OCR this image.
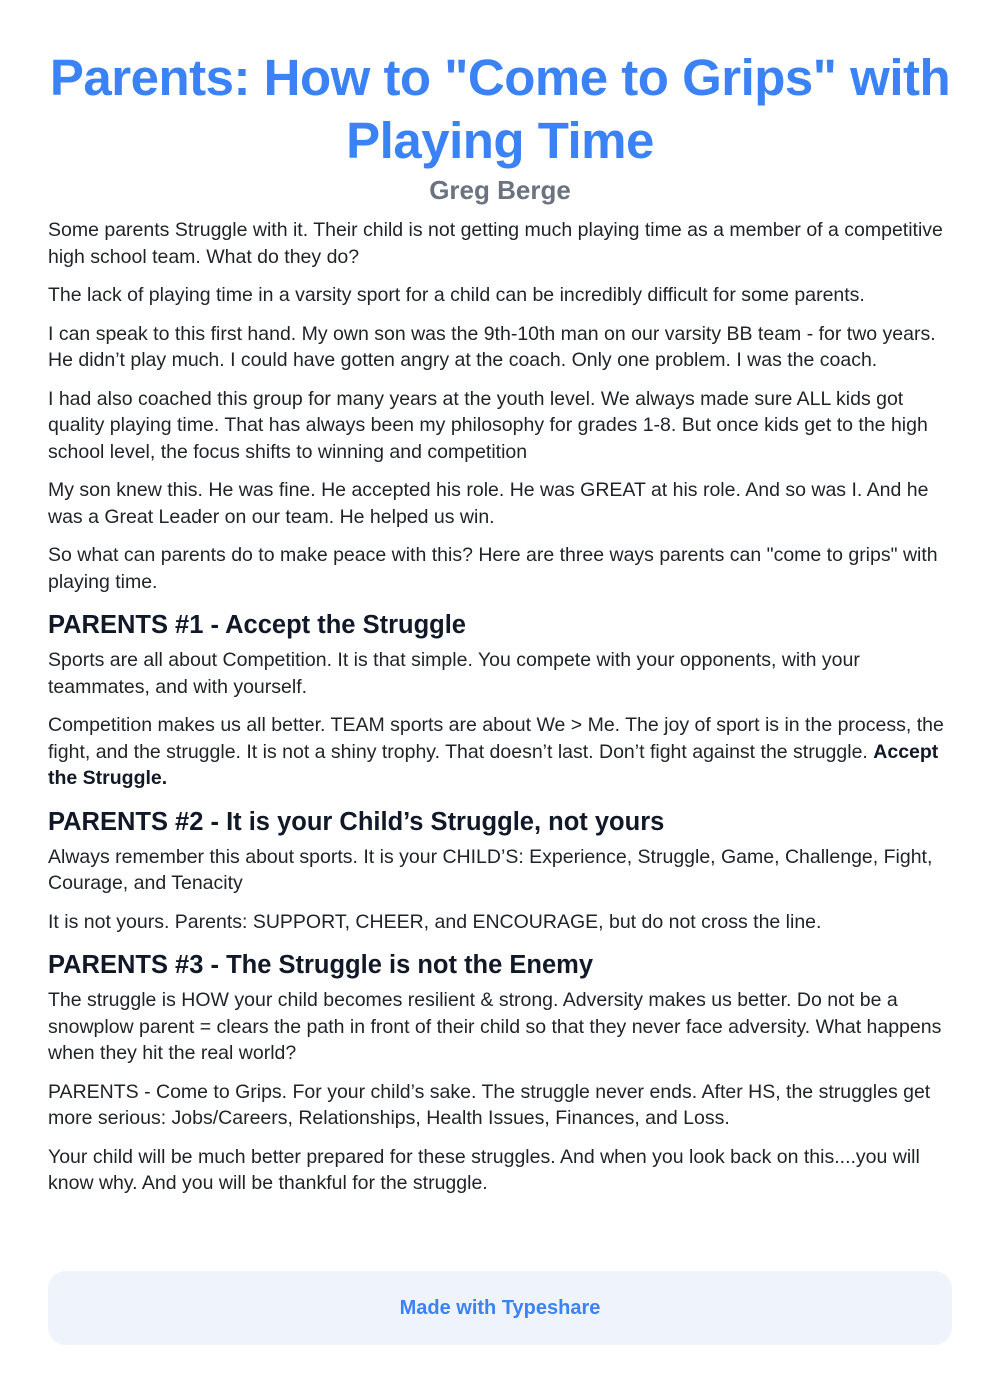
Parents: How to "Come to Grips" with Playing Time
Greg Berge

Some parents Struggle with it. Their child is not getting much playing time as a member of a competitive high school team. What do they do?

The lack of playing time in a varsity sport for a child can be incredibly difficult for some parents.

I can speak to this first hand. My own son was the 9th-10th man on our varsity BB team - for two years. He didn’t play much. I could have gotten angry at the coach. Only one problem. I was the coach.

I had also coached this group for many years at the youth level. We always made sure ALL kids got quality playing time. That has always been my philosophy for grades 1-8. But once kids get to the high school level, the focus shifts to winning and competition

My son knew this. He was fine. He accepted his role. He was GREAT at his role. And so was I. And he was a Great Leader on our team. He helped us win.

So what can parents do to make peace with this? Here are three ways parents can "come to grips" with playing time.

PARENTS #1 - Accept the Struggle

Sports are all about Competition. It is that simple. You compete with your opponents, with your teammates, and with yourself.

Competition makes us all better. TEAM sports are about We > Me. The joy of sport is in the process, the fight, and the struggle. It is not a shiny trophy. That doesn’t last. Don’t fight against the struggle. Accept the Struggle.

PARENTS #2 - It is your Child’s Struggle, not yours

Always remember this about sports. It is your CHILD’S: Experience, Struggle, Game, Challenge, Fight, Courage, and Tenacity

It is not yours. Parents: SUPPORT, CHEER, and ENCOURAGE, but do not cross the line.

PARENTS #3 - The Struggle is not the Enemy

The struggle is HOW your child becomes resilient & strong. Adversity makes us better. Do not be a snowplow parent = clears the path in front of their child so that they never face adversity. What happens when they hit the real world?

PARENTS - Come to Grips. For your child’s sake. The struggle never ends. After HS, the struggles get more serious: Jobs/Careers, Relationships, Health Issues, Finances, and Loss.

Your child will be much better prepared for these struggles. And when you look back on this....you will know why. And you will be thankful for the struggle.

Made with Typeshare
